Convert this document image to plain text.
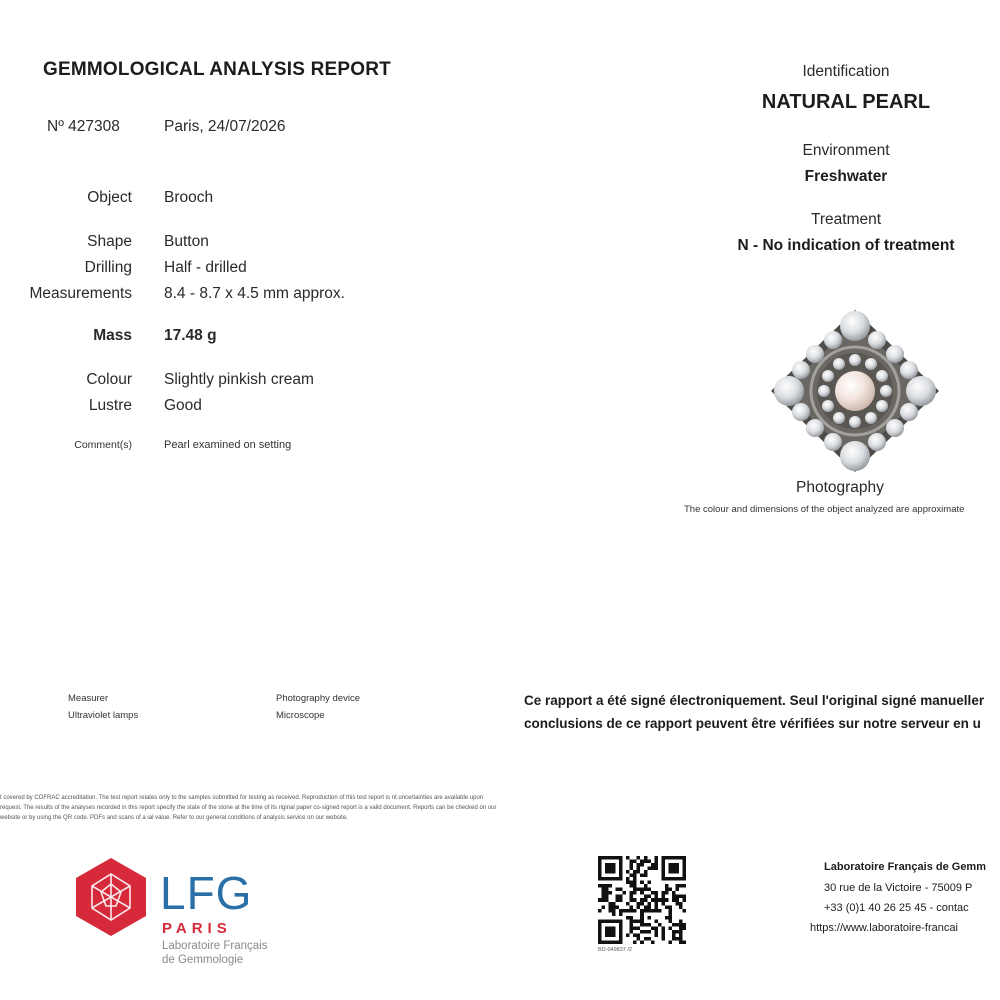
GEMMOLOGICAL ANALYSIS REPORT
Nº 427308	Paris, 24/07/2026
Object Brooch
Shape Button
Drilling Half - drilled
Measurements 8.4 - 8.7 x 4.5 mm approx.
Mass 17.48 g
Colour Slightly pinkish cream
Lustre Good
Comment(s)	Pearl examined on setting
Identification
NATURAL PEARL
Environment
Freshwater
Treatment
N - No indication of treatment
Photography
The colour and dimensions of the object analyzed are approximate
Measurer
Ultraviolet lamps
Photography device
Microscope
Ce rapport a été signé électroniquement. Seul l'original signé manueller
conclusions de ce rapport peuvent être vérifiées sur notre serveur en u
t covered by COFRAC accreditation. The test report relates only to the samples submitted for testing as received. Reproduction of this test report is nt uncertainties are available upon request. The results of the analyses recorded in this report specify the state of the stone at the time of its riginal paper co-signed report is a valid document. Reports can be checked on our website or by using the QR code. PDFs and scans of a ial value. Refer to our general conditions of analysis service on our website.
LFG
PARIS
Laboratoire Français
de Gemmologie
BD-049837 /2
Laboratoire Français de Gemm
30 rue de la Victoire - 75009 P
+33 (0)1 40 26 25 45 - contac
https://www.laboratoire-francai
